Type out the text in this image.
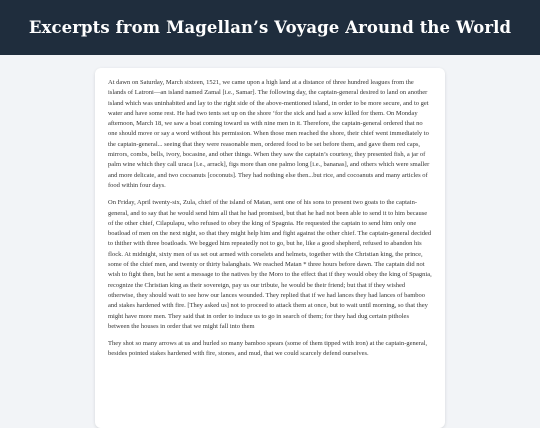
Excerpts from Magellan’s Voyage Around the World

At dawn on Saturday, March sixteen, 1521, we came upon a high land at a distance of three hundred leagues from the islands of Latroni—an island named Zamal [i.e., Samar]. The following day, the captain-general desired to land on another island which was uninhabited and lay to the right side of the above-mentioned island, in order to be more secure, and to get water and have some rest. He had two tents set up on the shore ‘for the sick and had a sow killed for them. On Monday afternoon, March 18, we saw a boat coming toward us with nine men in it. Therefore, the captain-general ordered that no one should move or say a word without his permission. When those men reached the shore, their chief went immediately to the captain-general... seeing that they were reasonable men, ordered food to be set before them, and gave them red caps, mirrors, combs, bells, ivory, bocasine, and other things. When they saw the captain’s courtesy, they presented fish, a jar of palm wine which they call uraca [i.e., arrack], figs more than one palmo long [i.e., bananas], and others which were smaller and more delicate, and two cocoanuts [coconuts]. They had nothing else then...but rice, and cocoanuts and many articles of food within four days.

On Friday, April twenty-six, Zula, chief of the island of Matan, sent one of his sons to present two goats to the captain-general, and to say that he would send him all that he had promised, but that he had not been able to send it to him because of the other chief, Cilapulapu, who refused to obey the king of Spagnia. He requested the captain to send him only one boatload of men on the next night, so that they might help him and fight against the other chief. The captain-general decided to thither with three boatloads. We begged him repeatedly not to go, but he, like a good shepherd, refused to abandon his flock. At midnight, sixty men of us set out armed with corselets and helmets, together with the Christian king, the prince, some of the chief men, and twenty or thirty balanghais. We reached Matan * three hours before dawn. The captain did not wish to fight then, but he sent a message to the natives by the Moro to the effect that if they would obey the king of Spagnia, recognize the Christian king as their sovereign, pay us our tribute, he would be their friend; but that if they wished otherwise, they should wait to see how our lances wounded. They replied that if we had lances they had lances of bamboo and stakes hardened with fire. [They asked us] not to proceed to attack them at once, but to wait until morning, so that they might have more men. They said that in order to induce us to go in search of them; for they had dug certain pitholes between the houses in order that we might fall into them

They shot so many arrows at us and hurled so many bamboo spears (some of them tipped with iron) at the captain-general, besides pointed stakes hardened with fire, stones, and mud, that we could scarcely defend ourselves.
